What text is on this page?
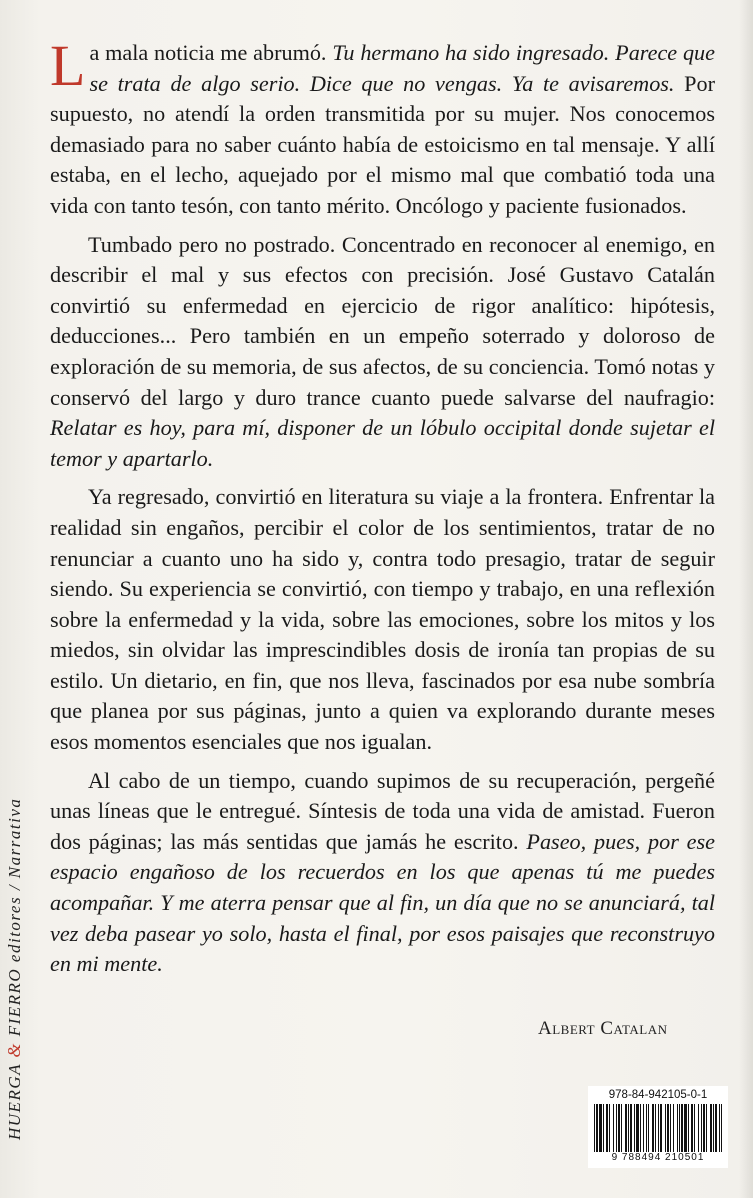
La mala noticia me abrumó. Tu hermano ha sido ingresado. Parece que se trata de algo serio. Dice que no vengas. Ya te avisaremos. Por supuesto, no atendí la orden transmitida por su mujer. Nos conocemos demasiado para no saber cuánto había de estoicismo en tal mensaje. Y allí estaba, en el lecho, aquejado por el mismo mal que combatió toda una vida con tanto tesón, con tanto mérito. Oncólogo y paciente fusionados.

Tumbado pero no postrado. Concentrado en reconocer al enemigo, en describir el mal y sus efectos con precisión. José Gustavo Catalán convirtió su enfermedad en ejercicio de rigor analítico: hipótesis, deducciones... Pero también en un empeño soterrado y doloroso de exploración de su memoria, de sus afectos, de su conciencia. Tomó notas y conservó del largo y duro trance cuanto puede salvarse del naufragio: Relatar es hoy, para mí, disponer de un lóbulo occipital donde sujetar el temor y apartarlo.

Ya regresado, convirtió en literatura su viaje a la frontera. Enfrentar la realidad sin engaños, percibir el color de los sentimientos, tratar de no renunciar a cuanto uno ha sido y, contra todo presagio, tratar de seguir siendo. Su experiencia se convirtió, con tiempo y trabajo, en una reflexión sobre la enfermedad y la vida, sobre las emociones, sobre los mitos y los miedos, sin olvidar las imprescindibles dosis de ironía tan propias de su estilo. Un dietario, en fin, que nos lleva, fascinados por esa nube sombría que planea por sus páginas, junto a quien va explorando durante meses esos momentos esenciales que nos igualan.

Al cabo de un tiempo, cuando supimos de su recuperación, pergeñé unas líneas que le entregué. Síntesis de toda una vida de amistad. Fueron dos páginas; las más sentidas que jamás he escrito. Paseo, pues, por ese espacio engañoso de los recuerdos en los que apenas tú me puedes acompañar. Y me aterra pensar que al fin, un día que no se anunciará, tal vez deba pasear yo solo, hasta el final, por esos paisajes que reconstruyo en mi mente.

HUERGA & FIERRO editores / Narrativa
Albert Catalan
978-84-942105-0-1
9 788494 210501
